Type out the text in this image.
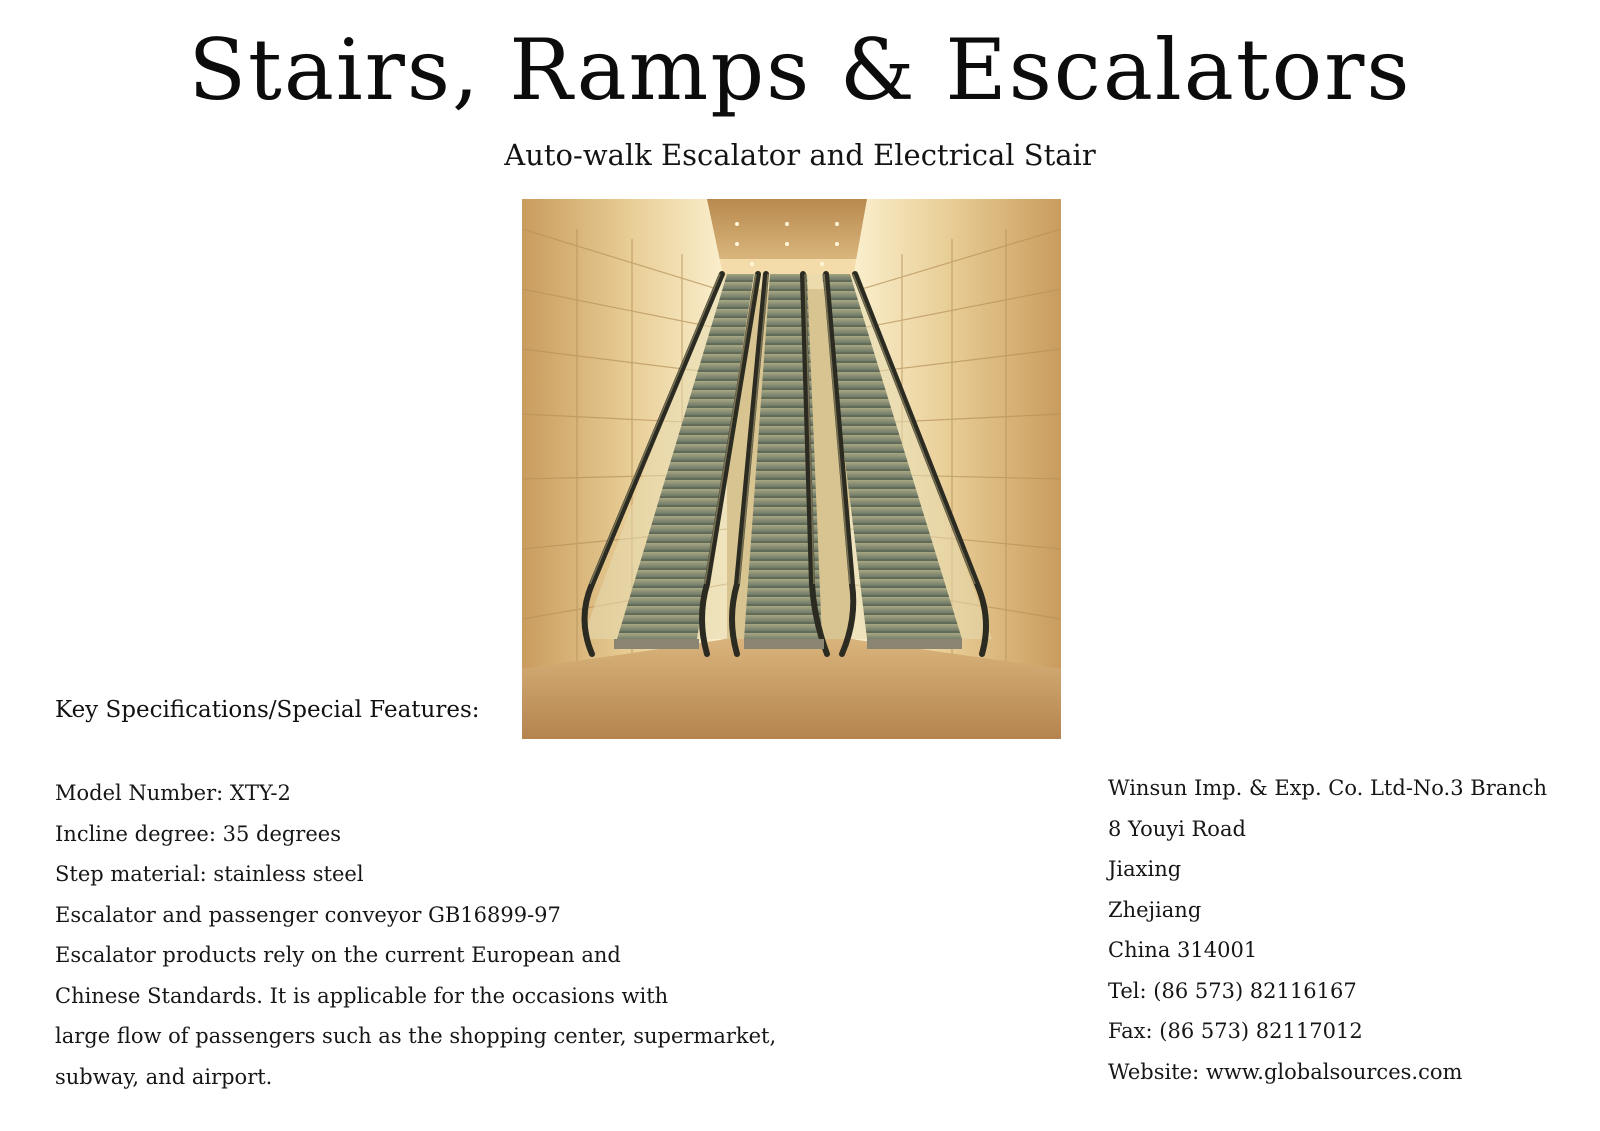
Stairs, Ramps & Escalators
Auto-walk Escalator and Electrical Stair
Key Specifications/Special Features:
Model Number: XTY-2
Incline degree: 35 degrees
Step material: stainless steel
Escalator and passenger conveyor GB16899-97
Escalator products rely on the current European and
Chinese Standards. It is applicable for the occasions with
large flow of passengers such as the shopping center, supermarket,
subway, and airport.
Winsun Imp. & Exp. Co. Ltd-No.3 Branch
8 Youyi Road
Jiaxing
Zhejiang
China 314001
Tel: (86 573) 82116167
Fax: (86 573) 82117012
Website: www.globalsources.com
